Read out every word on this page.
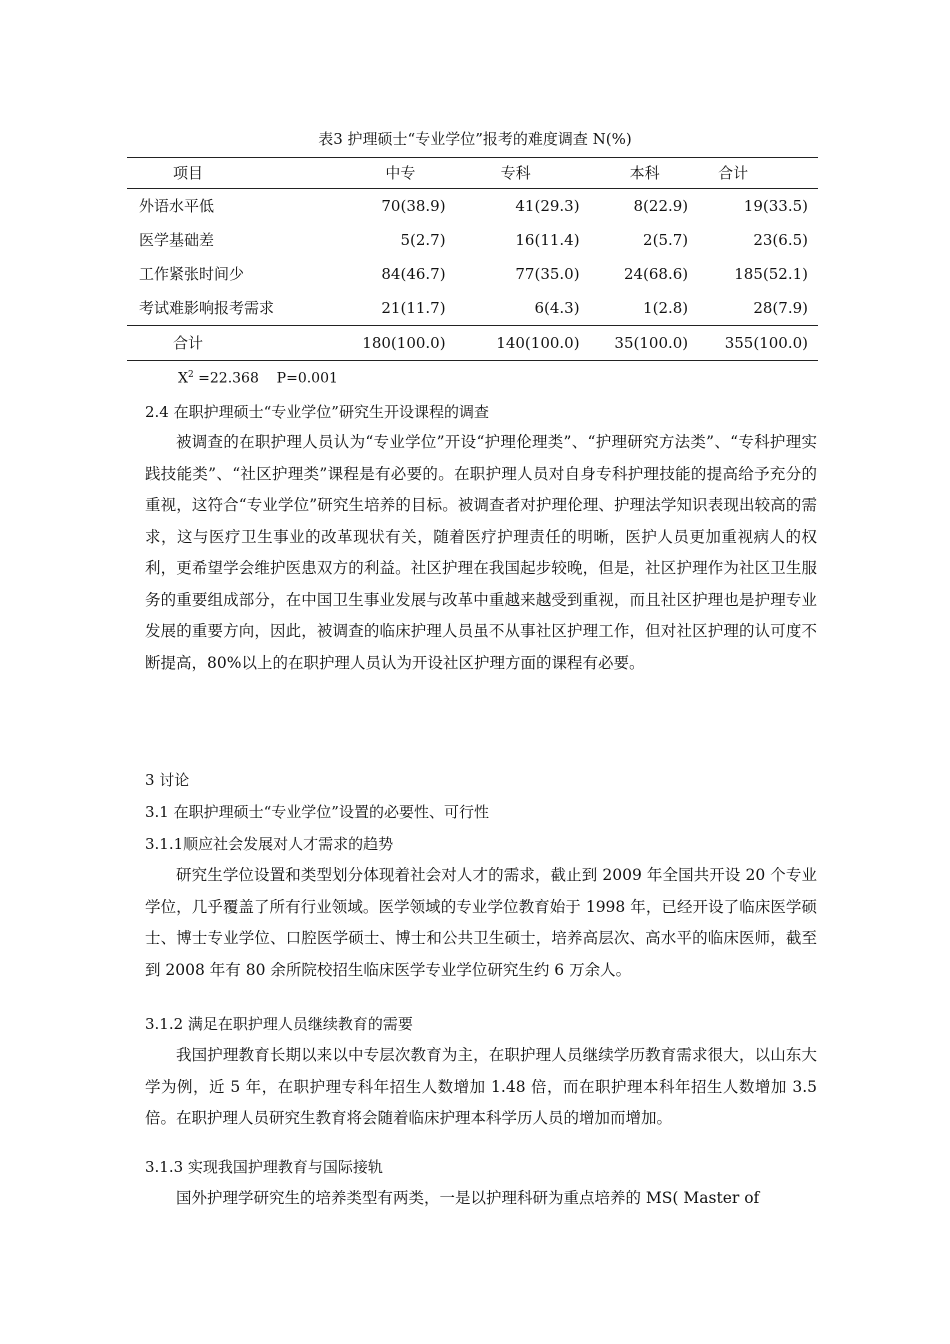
表3 护理硕士“专业学位”报考的难度调查 N(%)
项目	中专	专科	本科	合计
外语水平低	70(38.9)	41(29.3)	8(22.9)	19(33.5)
医学基础差	5(2.7)	16(11.4)	2(5.7)	23(6.5)
工作紧张时间少	84(46.7)	77(35.0)	24(68.6)	185(52.1)
考试难影响报考需求	21(11.7)	6(4.3)	1(2.8)	28(7.9)
合计	180(100.0)	140(100.0)	35(100.0)	355(100.0)
$X^2 =22.368$    P=0.001
2.4 在职护理硕士“专业学位”研究生开设课程的调查

被调查的在职护理人员认为“专业学位”开设“护理伦理类”、“护理研究方法类”、“专科护理实践技能类”、“社区护理类”课程是有必要的。在职护理人员对自身专科护理技能的提高给予充分的重视，这符合“专业学位”研究生培养的目标。被调查者对护理伦理、护理法学知识表现出较高的需求，这与医疗卫生事业的改革现状有关，随着医疗护理责任的明晰，医护人员更加重视病人的权利，更希望学会维护医患双方的利益。社区护理在我国起步较晚，但是，社区护理作为社区卫生服务的重要组成部分，在中国卫生事业发展与改革中重越来越受到重视，而且社区护理也是护理专业发展的重要方向，因此，被调查的临床护理人员虽不从事社区护理工作，但对社区护理的认可度不断提高，80%以上的在职护理人员认为开设社区护理方面的课程有必要。

3 讨论
3.1 在职护理硕士“专业学位”设置的必要性、可行性
3.1.1顺应社会发展对人才需求的趋势

研究生学位设置和类型划分体现着社会对人才的需求，截止到 2009 年全国共开设 20 个专业学位，几乎覆盖了所有行业领域。医学领域的专业学位教育始于 1998 年，已经开设了临床医学硕士、博士专业学位、口腔医学硕士、博士和公共卫生硕士，培养高层次、高水平的临床医师，截至到 2008 年有 80 余所院校招生临床医学专业学位研究生约 6 万余人。

3.1.2 满足在职护理人员继续教育的需要

我国护理教育长期以来以中专层次教育为主，在职护理人员继续学历教育需求很大，以山东大学为例，近 5 年，在职护理专科年招生人数增加 1.48 倍，而在职护理本科年招生人数增加 3.5 倍。在职护理人员研究生教育将会随着临床护理本科学历人员的增加而增加。

3.1.3 实现我国护理教育与国际接轨

国外护理学研究生的培养类型有两类，一是以护理科研为重点培养的 MS( Master of
